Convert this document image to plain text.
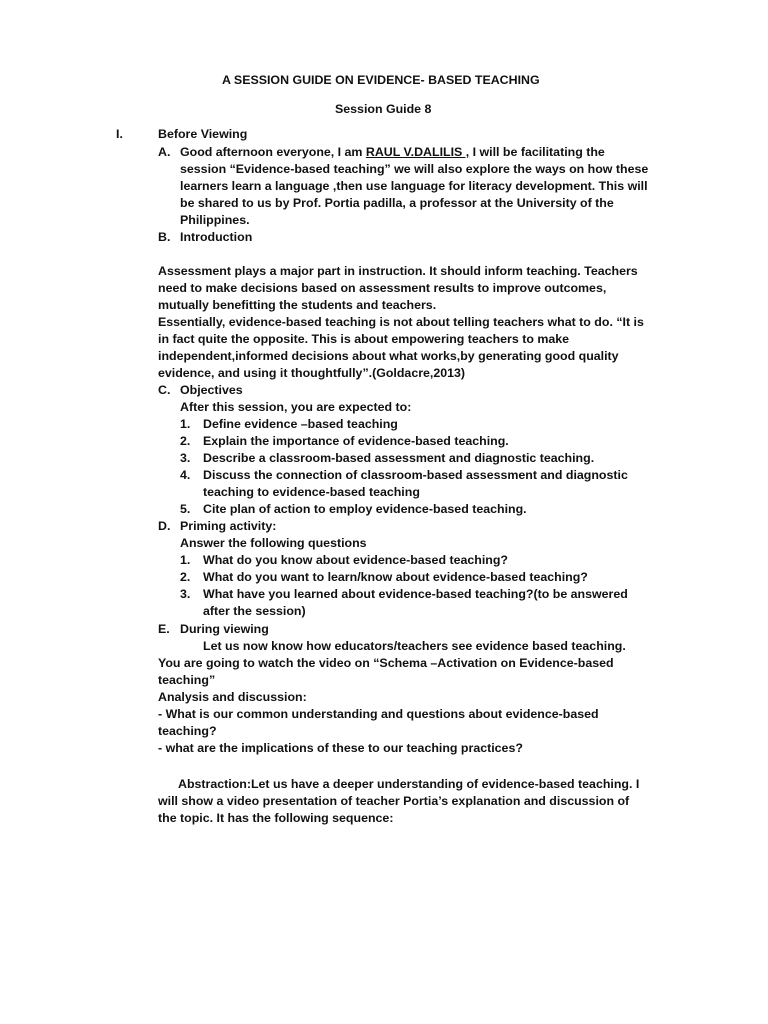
A SESSION GUIDE ON EVIDENCE- BASED TEACHING
Session Guide 8
I.	Before Viewing
A. Good afternoon everyone, I am RAUL V.DALILIS , I will be facilitating the
session “Evidence-based teaching” we will also explore the ways on how these
learners learn a language ,then use language for literacy development. This will
be shared to us by Prof. Portia padilla, a professor at the University of the
Philippines.
B. Introduction
Assessment plays a major part in instruction. It should inform teaching. Teachers
need to make decisions based on assessment results to improve outcomes,
mutually benefitting the students and teachers.
Essentially, evidence-based teaching is not about telling teachers what to do. “It is
in fact quite the opposite. This is about empowering teachers to make
independent,informed decisions about what works,by generating good quality
evidence, and using it thoughtfully”.(Goldacre,2013)
C. Objectives
After this session, you are expected to:
1. Define evidence –based teaching
2. Explain the importance of evidence-based teaching.
3. Describe a classroom-based assessment and diagnostic teaching.
4. Discuss the connection of classroom-based assessment and diagnostic
teaching to evidence-based teaching
5. Cite plan of action to employ evidence-based teaching.
D. Priming activity:
Answer the following questions
1. What do you know about evidence-based teaching?
2. What do you want to learn/know about evidence-based teaching?
3. What have you learned about evidence-based teaching?(to be answered
after the session)
E. During viewing
Let us now know how educators/teachers see evidence based teaching.
You are going to watch the video on “Schema –Activation on Evidence-based
teaching”
Analysis and discussion:
- What is our common understanding and questions about evidence-based
teaching?
- what are the implications of these to our teaching practices?
Abstraction:Let us have a deeper understanding of evidence-based teaching. I
will show a video presentation of teacher Portia’s explanation and discussion of
the topic. It has the following sequence:
